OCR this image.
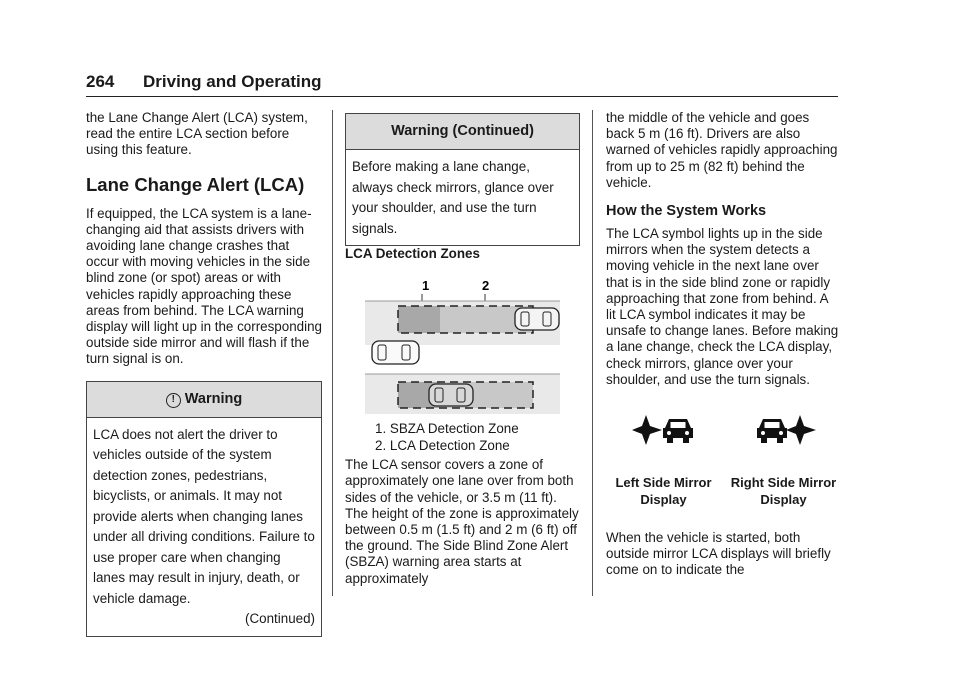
264 Driving and Operating

the Lane Change Alert (LCA) system, read the entire LCA section before using this feature.

Lane Change Alert (LCA)

If equipped, the LCA system is a lane-changing aid that assists drivers with avoiding lane change crashes that occur with moving vehicles in the side blind zone (or spot) areas or with vehicles rapidly approaching these areas from behind. The LCA warning display will light up in the corresponding outside side mirror and will flash if the turn signal is on.

! Warning
LCA does not alert the driver to vehicles outside of the system detection zones, pedestrians, bicyclists, or animals. It may not provide alerts when changing lanes under all driving conditions. Failure to use proper care when changing lanes may result in injury, death, or vehicle damage.
(Continued)
Warning (Continued)
Before making a lane change, always check mirrors, glance over your shoulder, and use the turn signals.

LCA Detection Zones

1	2
1. SBZA Detection Zone
2. LCA Detection Zone

The LCA sensor covers a zone of approximately one lane over from both sides of the vehicle, or 3.5 m (11 ft). The height of the zone is approximately between 0.5 m (1.5 ft) and 2 m (6 ft) off the ground. The Side Blind Zone Alert (SBZA) warning area starts at approximately

the middle of the vehicle and goes back 5 m (16 ft). Drivers are also warned of vehicles rapidly approaching from up to 25 m (82 ft) behind the vehicle.

How the System Works

The LCA symbol lights up in the side mirrors when the system detects a moving vehicle in the next lane over that is in the side blind zone or rapidly approaching that zone from behind. A lit LCA symbol indicates it may be unsafe to change lanes. Before making a lane change, check the LCA display, check mirrors, glance over your shoulder, and use the turn signals.

Left Side Mirror
Display
Right Side Mirror
Display

When the vehicle is started, both outside mirror LCA displays will briefly come on to indicate the
